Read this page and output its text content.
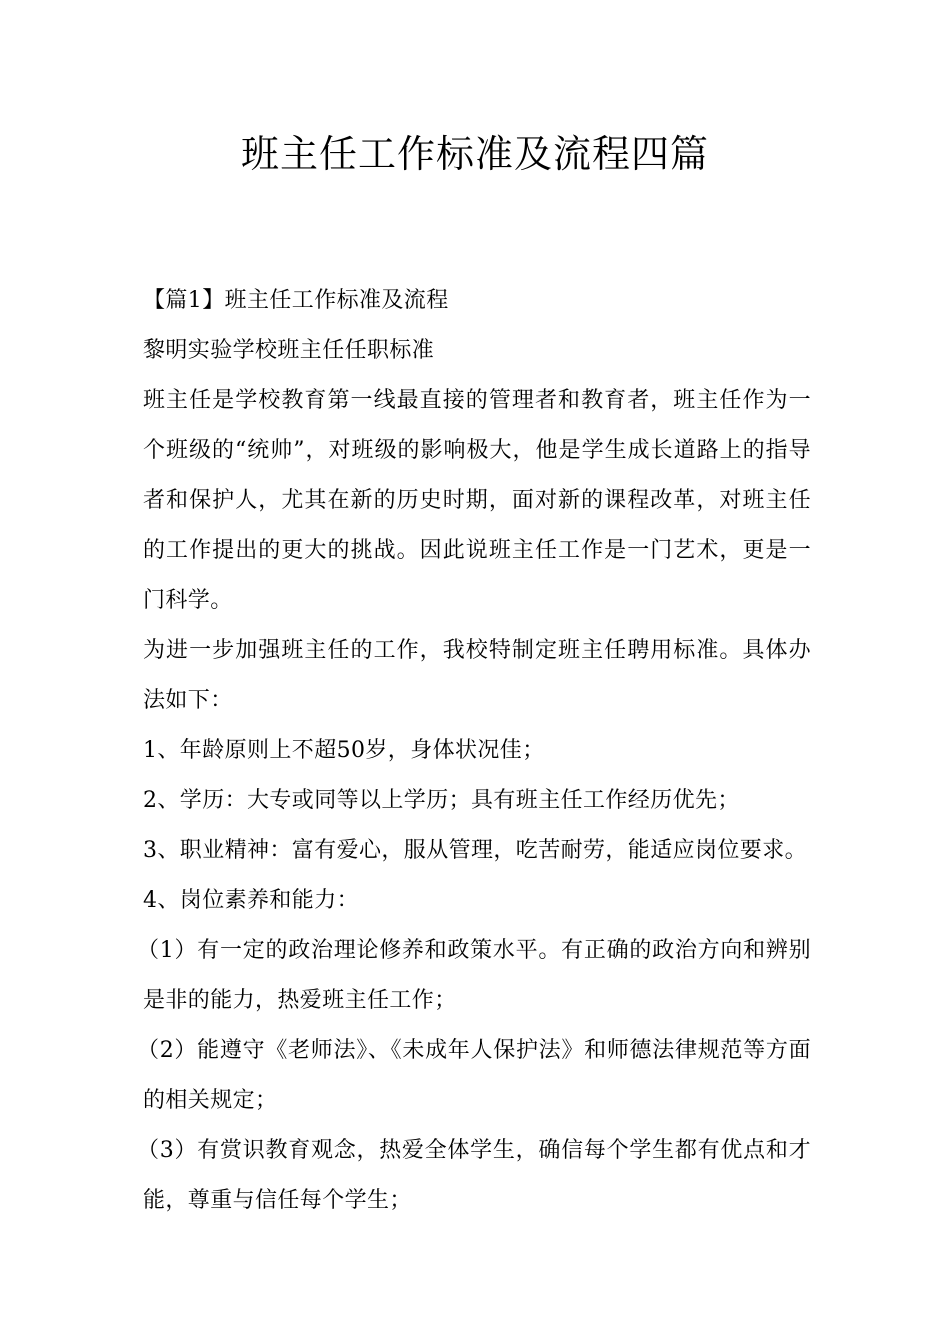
班主任工作标准及流程四篇

【篇1】班主任工作标准及流程

黎明实验学校班主任任职标准

班主任是学校教育第一线最直接的管理者和教育者，班主任作为一个班级的“统帅”，对班级的影响极大，他是学生成长道路上的指导者和保护人，尤其在新的历史时期，面对新的课程改革，对班主任的工作提出的更大的挑战。因此说班主任工作是一门艺术，更是一门科学。

为进一步加强班主任的工作，我校特制定班主任聘用标准。具体办法如下：

1、年龄原则上不超50岁，身体状况佳；

2、学历：大专或同等以上学历；具有班主任工作经历优先；

3、职业精神：富有爱心，服从管理，吃苦耐劳，能适应岗位要求。

4、岗位素养和能力：

（1）有一定的政治理论修养和政策水平。有正确的政治方向和辨别是非的能力，热爱班主任工作；

（2）能遵守《老师法》、《未成年人保护法》和师德法律规范等方面的相关规定；

（3）有赏识教育观念，热爱全体学生，确信每个学生都有优点和才能，尊重与信任每个学生；
